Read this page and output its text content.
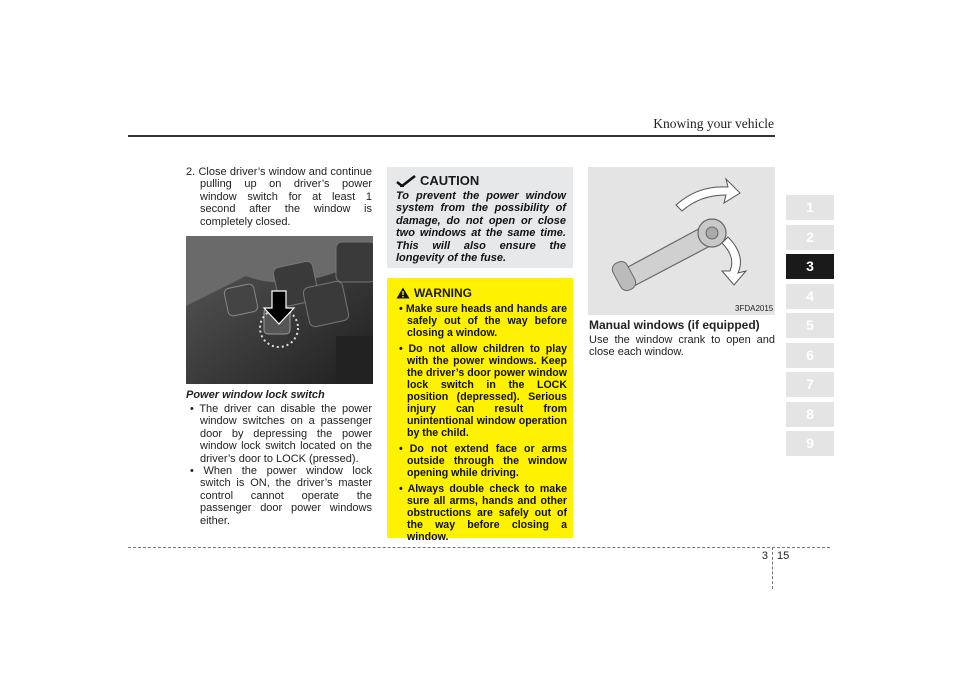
Knowing your vehicle
2. Close driver’s window and continue pulling up on driver’s power window switch for at least 1 second after the window is completely closed.
OLD026013
Power window lock switch
• The driver can disable the power window switches on a passenger door by depressing the power window lock switch located on the driver’s door to LOCK (pressed).
• When the power window lock switch is ON, the driver’s master control cannot operate the passenger door power windows either.
CAUTION
To prevent the power window system from the possibility of damage, do not open or close two windows at the same time. This will also ensure the longevity of the fuse.
WARNING
• Make sure heads and hands are safely out of the way before closing a window.
• Do not allow children to play with the power windows. Keep the driver’s door power window lock switch in the LOCK position (depressed). Serious injury can result from unintentional window operation by the child.
• Do not extend face or arms outside through the window opening while driving.
• Always double check to make sure all arms, hands and other obstructions are safely out of the way before closing a window.
3FDA2015
Manual windows (if equipped)
Use the window crank to open and close each window.
1
2
3
4
5
6
7
8
9
3 15
